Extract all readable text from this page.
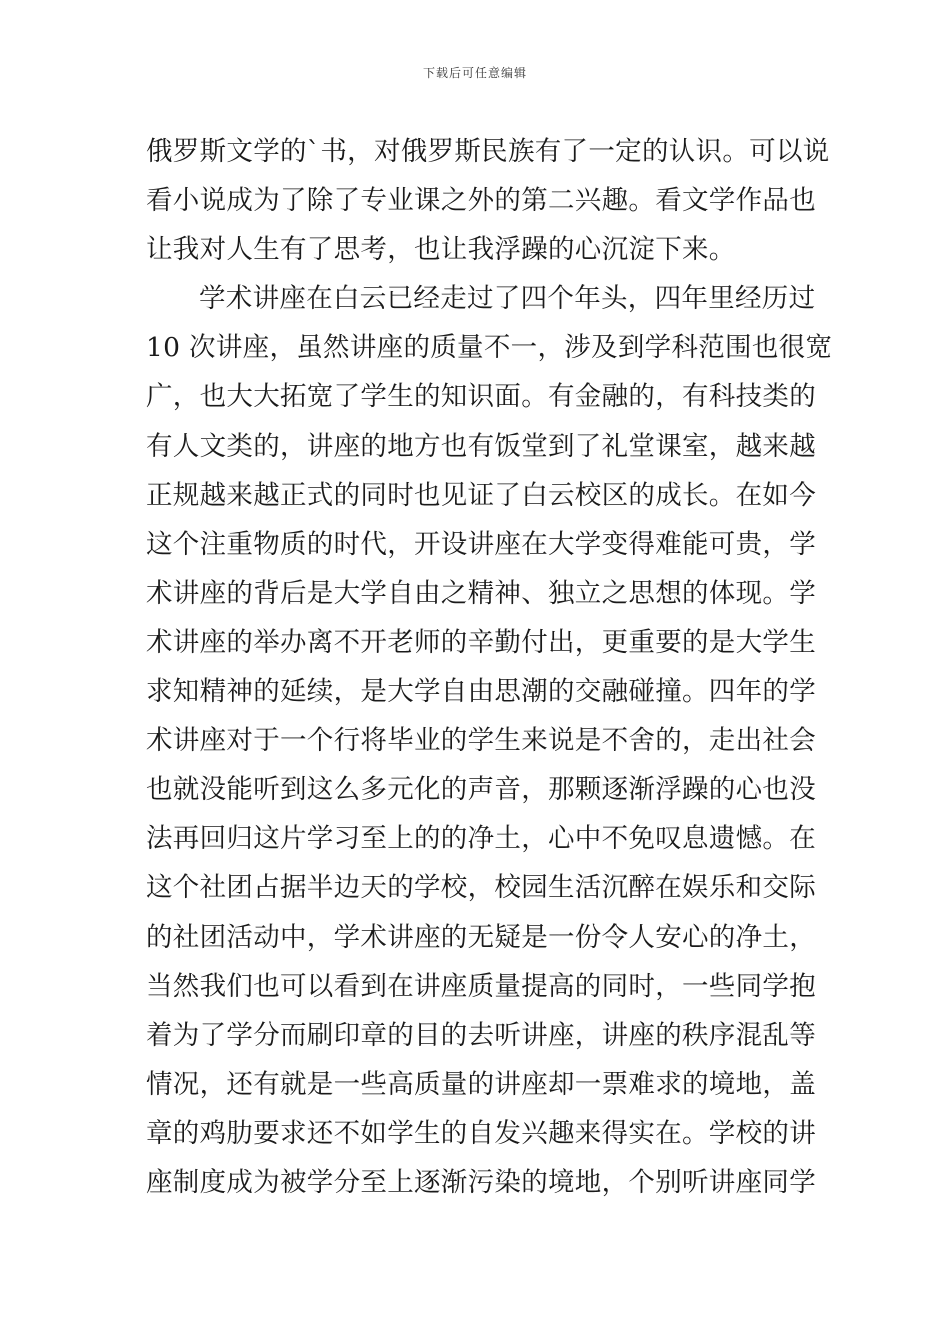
下载后可任意编辑
俄罗斯文学的`书，对俄罗斯民族有了一定的认识。可以说
看小说成为了除了专业课之外的第二兴趣。看文学作品也
让我对人生有了思考，也让我浮躁的心沉淀下来。
学术讲座在白云已经走过了四个年头，四年里经历过
10 次讲座，虽然讲座的质量不一，涉及到学科范围也很宽
广，也大大拓宽了学生的知识面。有金融的，有科技类的
有人文类的，讲座的地方也有饭堂到了礼堂课室，越来越
正规越来越正式的同时也见证了白云校区的成长。在如今
这个注重物质的时代，开设讲座在大学变得难能可贵，学
术讲座的背后是大学自由之精神、独立之思想的体现。学
术讲座的举办离不开老师的辛勤付出，更重要的是大学生
求知精神的延续，是大学自由思潮的交融碰撞。四年的学
术讲座对于一个行将毕业的学生来说是不舍的，走出社会
也就没能听到这么多元化的声音，那颗逐渐浮躁的心也没
法再回归这片学习至上的的净土，心中不免叹息遗憾。在
这个社团占据半边天的学校，校园生活沉醉在娱乐和交际
的社团活动中，学术讲座的无疑是一份令人安心的净土，
当然我们也可以看到在讲座质量提高的同时，一些同学抱
着为了学分而刷印章的目的去听讲座，讲座的秩序混乱等
情况，还有就是一些高质量的讲座却一票难求的境地，盖
章的鸡肋要求还不如学生的自发兴趣来得实在。学校的讲
座制度成为被学分至上逐渐污染的境地，个别听讲座同学
